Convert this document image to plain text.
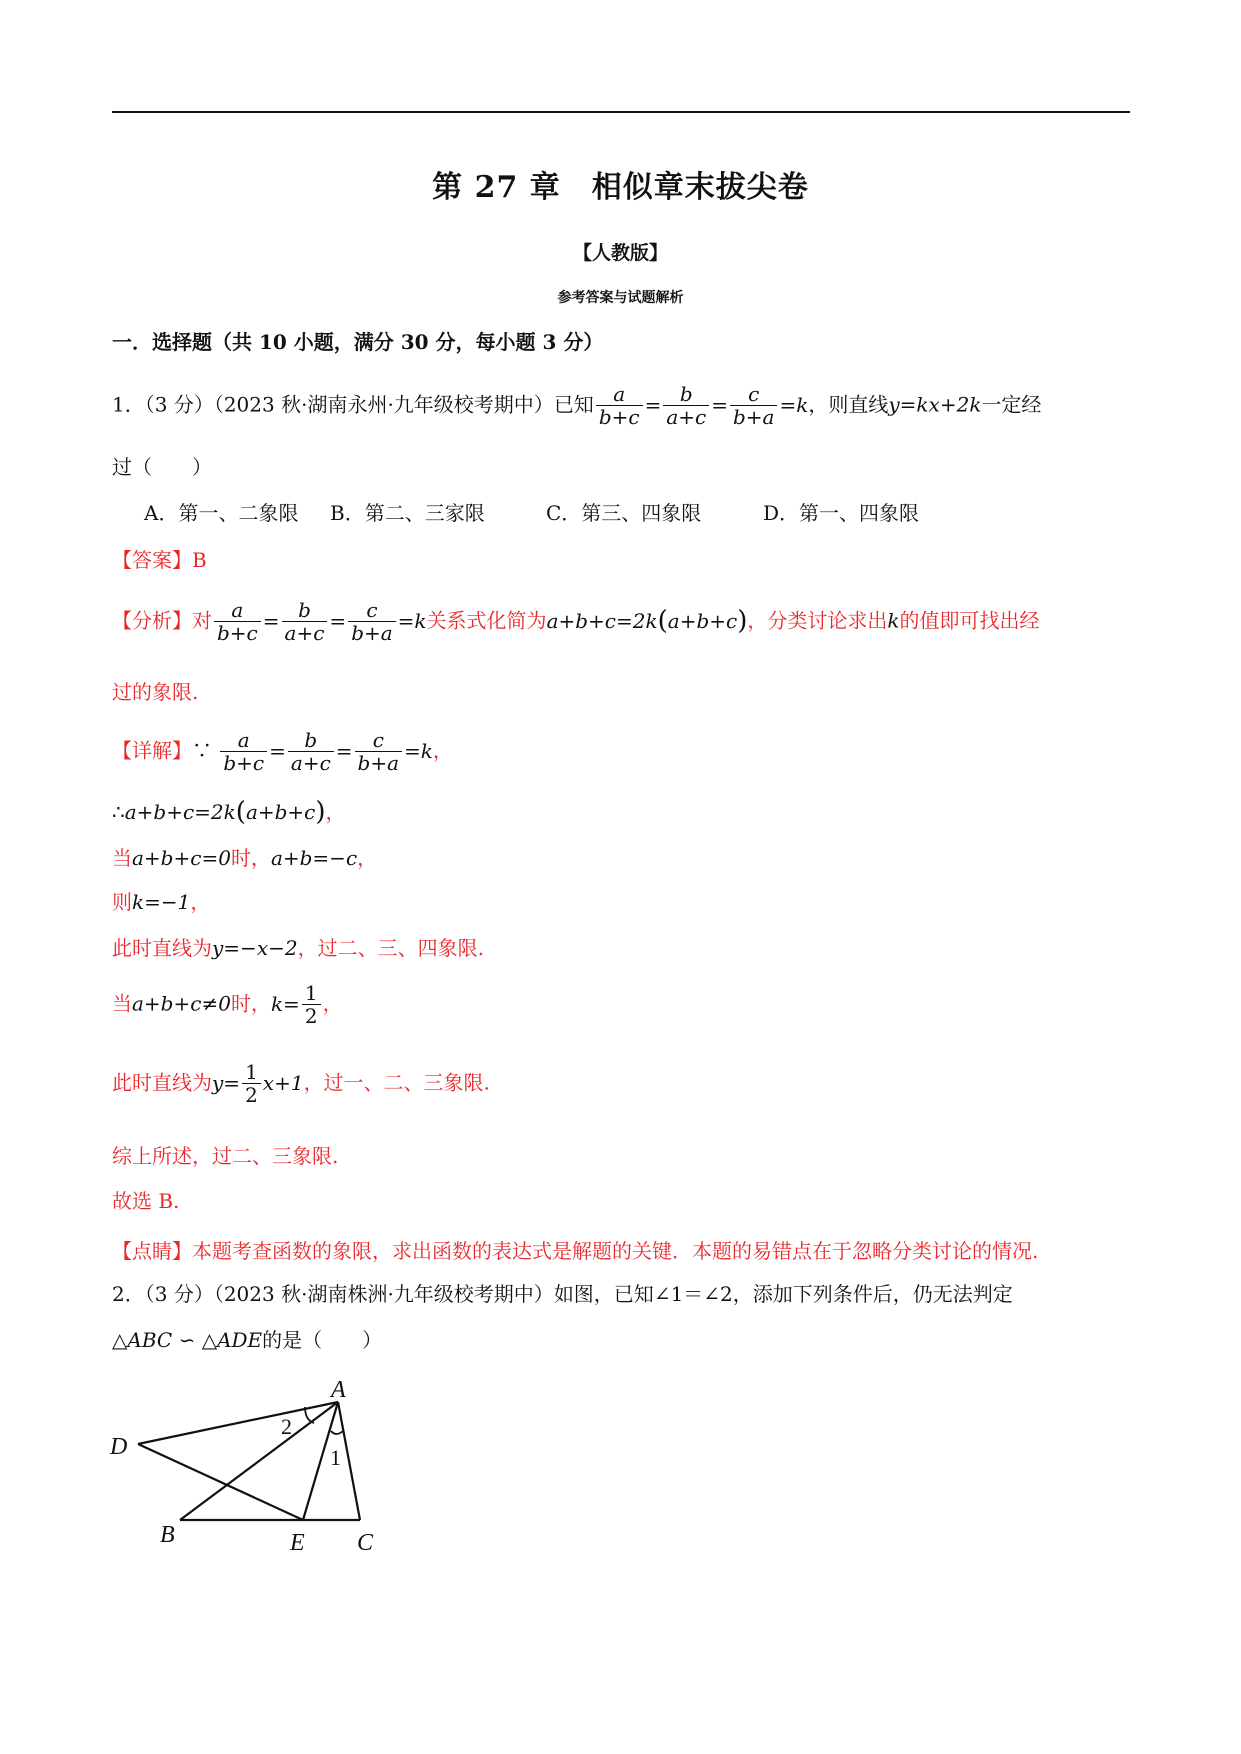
第 27 章　相似章末拔尖卷
【人教版】
参考答案与试题解析
一．选择题（共 10 小题，满分 30 分，每小题 3 分）
1．（3 分）（2023 秋·湖南永州·九年级校考期中）已知 $\frac{a}{b+c} = \frac{b}{a+c} = \frac{c}{b+a} =k$，则直线y=kx+2k一定经
过（　　）
A．第一、二象限 B．第二、三家限	C．第三、四象限	D．第一、四象限
【答案】B
【分析】对 $\frac{a}{b+c} = \frac{b}{a+c} = \frac{c}{b+a} =k$关系式化简为a+b+c=2k(a+b+c)，分类讨论求出k的值即可找出经
过的象限.
【详解】∵ $\frac{a}{b+c} = \frac{b}{a+c} = \frac{c}{b+a} =k$，
∴a+b+c=2k(a+b+c)，
当a+b+c=0时，a+b=−c，
则k=−1，
此时直线为y=−x−2，过二、三、四象限.
当a+b+c≠0时，$k= \frac{1}{2}$ ，
此时直线为$y= \frac{1}{2} x+1$，过一、二、三象限.
综上所述，过二、三象限.
故选 B.
【点睛】本题考查函数的象限，求出函数的表达式是解题的关键．本题的易错点在于忽略分类讨论的情况.
2．（3 分）（2023 秋·湖南株洲·九年级校考期中）如图，已知∠1＝∠2，添加下列条件后，仍无法判定
△ABC ∽ △ADE的是（　　）
A
D
B	E C
2
1
